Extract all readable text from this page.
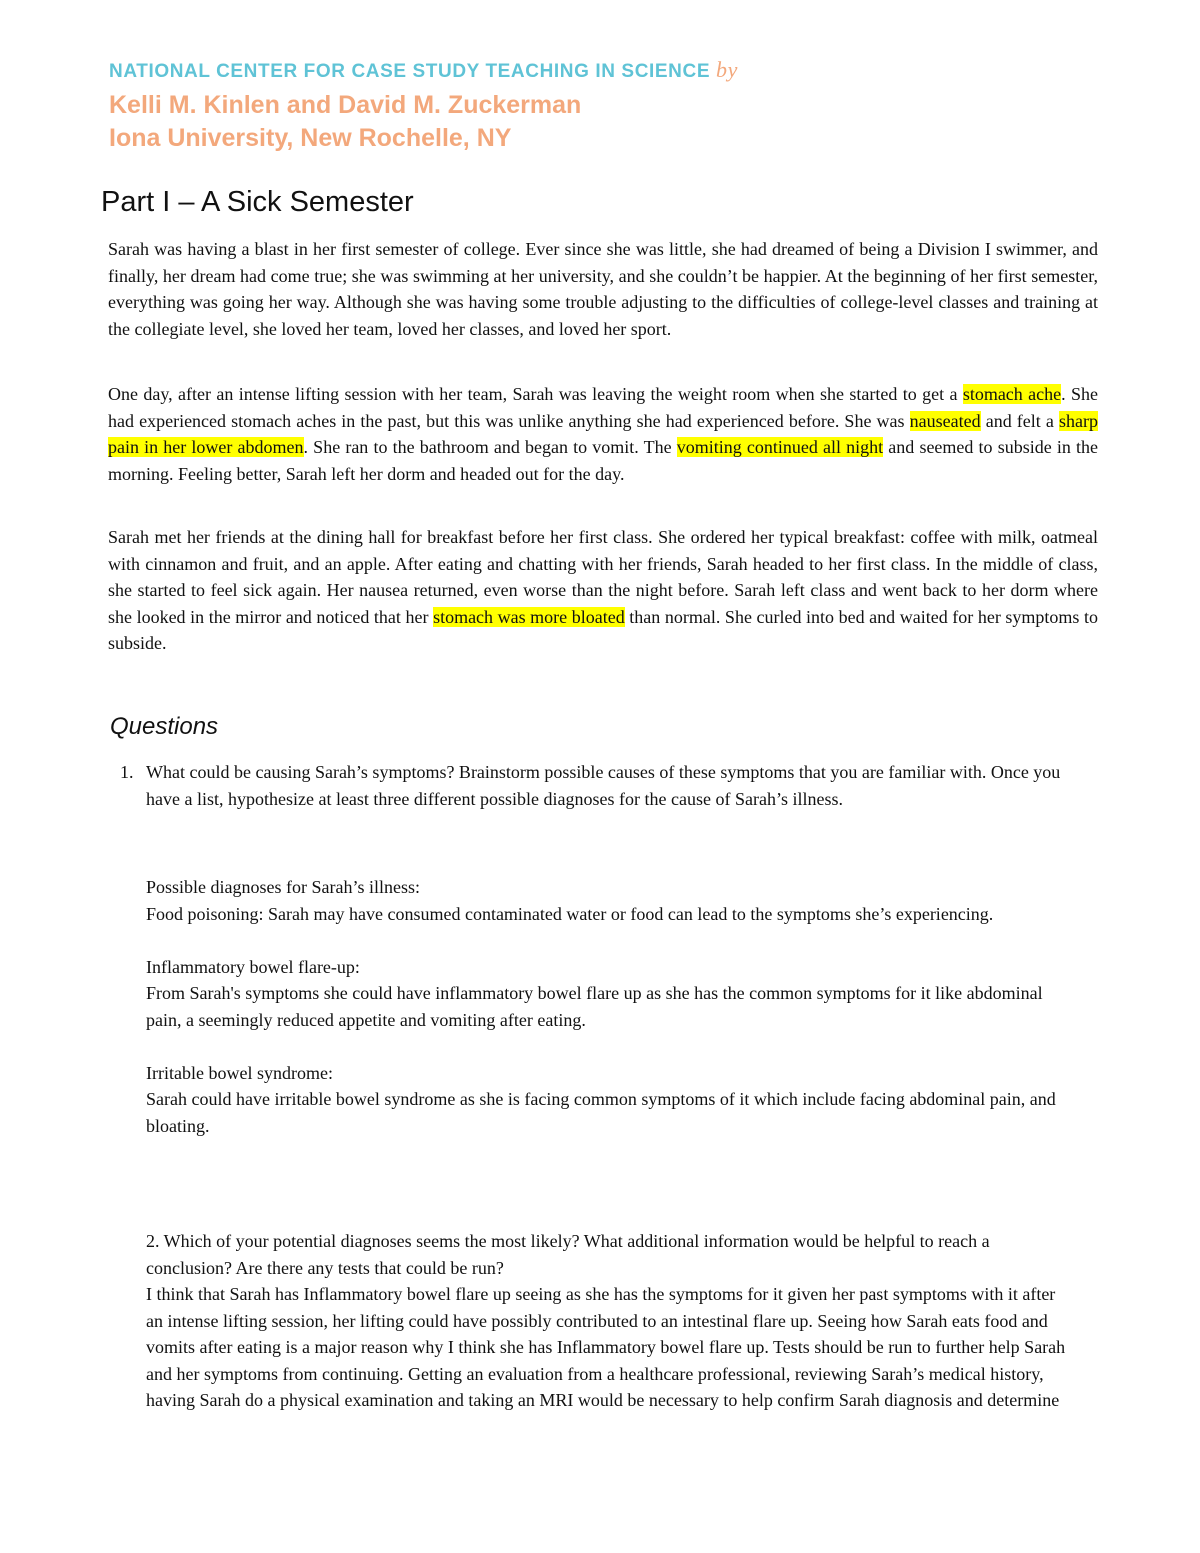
NATIONAL CENTER FOR CASE STUDY TEACHING IN SCIENCE by
Kelli M. Kinlen and David M. Zuckerman
Iona University, New Rochelle, NY
Part I – A Sick Semester

Sarah was having a blast in her first semester of college. Ever since she was little, she had dreamed of being a Division I swimmer, and finally, her dream had come true; she was swimming at her university, and she couldn’t be happier. At the beginning of her first semester, everything was going her way. Although she was having some trouble adjusting to the difficulties of college-level classes and training at the collegiate level, she loved her team, loved her classes, and loved her sport.

One day, after an intense lifting session with her team, Sarah was leaving the weight room when she started to get a stomach ache. She had experienced stomach aches in the past, but this was unlike anything she had experienced before. She was nauseated and felt a sharp pain in her lower abdomen. She ran to the bathroom and began to vomit. The vomiting continued all night and seemed to subside in the morning. Feeling better, Sarah left her dorm and headed out for the day.

Sarah met her friends at the dining hall for breakfast before her first class. She ordered her typical breakfast: coffee with milk, oatmeal with cinnamon and fruit, and an apple. After eating and chatting with her friends, Sarah headed to her first class. In the middle of class, she started to feel sick again. Her nausea returned, even worse than the night before. Sarah left class and went back to her dorm where she looked in the mirror and noticed that her stomach was more bloated than normal. She curled into bed and waited for her symptoms to subside.

Questions
1. What could be causing Sarah’s symptoms? Brainstorm possible causes of these symptoms that you are familiar with. Once you have a list, hypothesize at least three different possible diagnoses for the cause of Sarah’s illness.
Possible diagnoses for Sarah’s illness:
Food poisoning: Sarah may have consumed contaminated water or food can lead to the symptoms she’s experiencing.
Inflammatory bowel flare-up:
From Sarah's symptoms she could have inflammatory bowel flare up as she has the common symptoms for it like abdominal pain, a seemingly reduced appetite and vomiting after eating.
Irritable bowel syndrome:
Sarah could have irritable bowel syndrome as she is facing common symptoms of it which include facing abdominal pain, and bloating.
2. Which of your potential diagnoses seems the most likely? What additional information would be helpful to reach a conclusion? Are there any tests that could be run?
I think that Sarah has Inflammatory bowel flare up seeing as she has the symptoms for it given her past symptoms with it after an intense lifting session, her lifting could have possibly contributed to an intestinal flare up. Seeing how Sarah eats food and vomits after eating is a major reason why I think she has Inflammatory bowel flare up. Tests should be run to further help Sarah and her symptoms from continuing. Getting an evaluation from a healthcare professional, reviewing Sarah’s medical history, having Sarah do a physical examination and taking an MRI would be necessary to help confirm Sarah diagnosis and determine
